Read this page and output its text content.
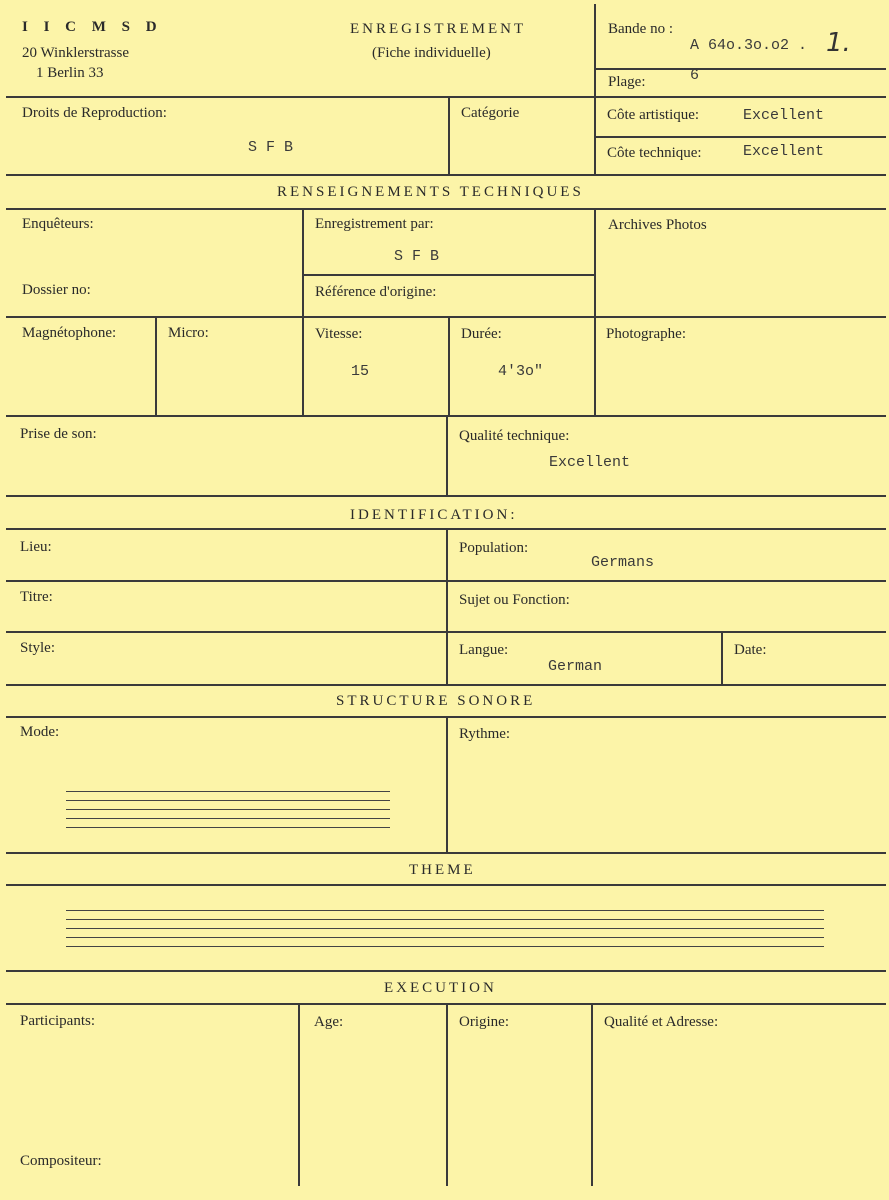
I I C M S D
20 Winklerstrasse
1 Berlin 33
ENREGISTREMENT
(Fiche individuelle)
Bande no :
A 64o.3o.o2 . 1.
Plage:	6
Droits de Reproduction:
S F B
Catégorie	Côte artistique:	Excellent
Côte technique:	Excellent
RENSEIGNEMENTS TECHNIQUES
Enquêteurs:	Enregistrement par:
S F B
Archives Photos
Dossier no:	Référence d'origine:
Magnétophone:	Micro:	Vitesse:
15
Durée:
4'3o"
Photographe:
Prise de son:	Qualité technique:
Excellent
IDENTIFICATION:
Lieu:	Population:
Germans
Titre:	Sujet ou Fonction:
Style:	Langue:
German
Date:
STRUCTURE SONORE
Mode:	Rythme:
THEME
EXECUTION
Participants:	Age:	Origine:	Qualité et Adresse:
Compositeur:
